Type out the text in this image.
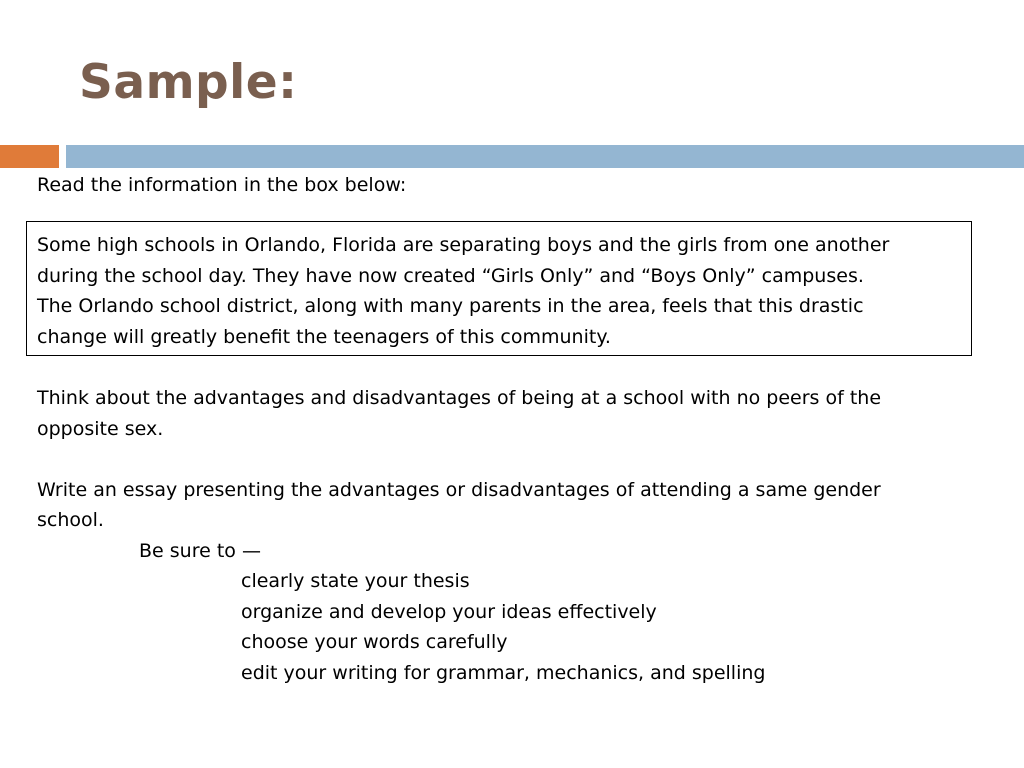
Sample:

Read the information in the box below:

Some high schools in Orlando, Florida are separating boys and the girls from one another

during the school day. They have now created “Girls Only” and “Boys Only” campuses.

The Orlando school district, along with many parents in the area, feels that this drastic

change will greatly benefit the teenagers of this community.

Think about the advantages and disadvantages of being at a school with no peers of the

opposite sex.

Write an essay presenting the advantages or disadvantages of attending a same gender

school.

Be sure to —

clearly state your thesis

organize and develop your ideas effectively

choose your words carefully

edit your writing for grammar, mechanics, and spelling
